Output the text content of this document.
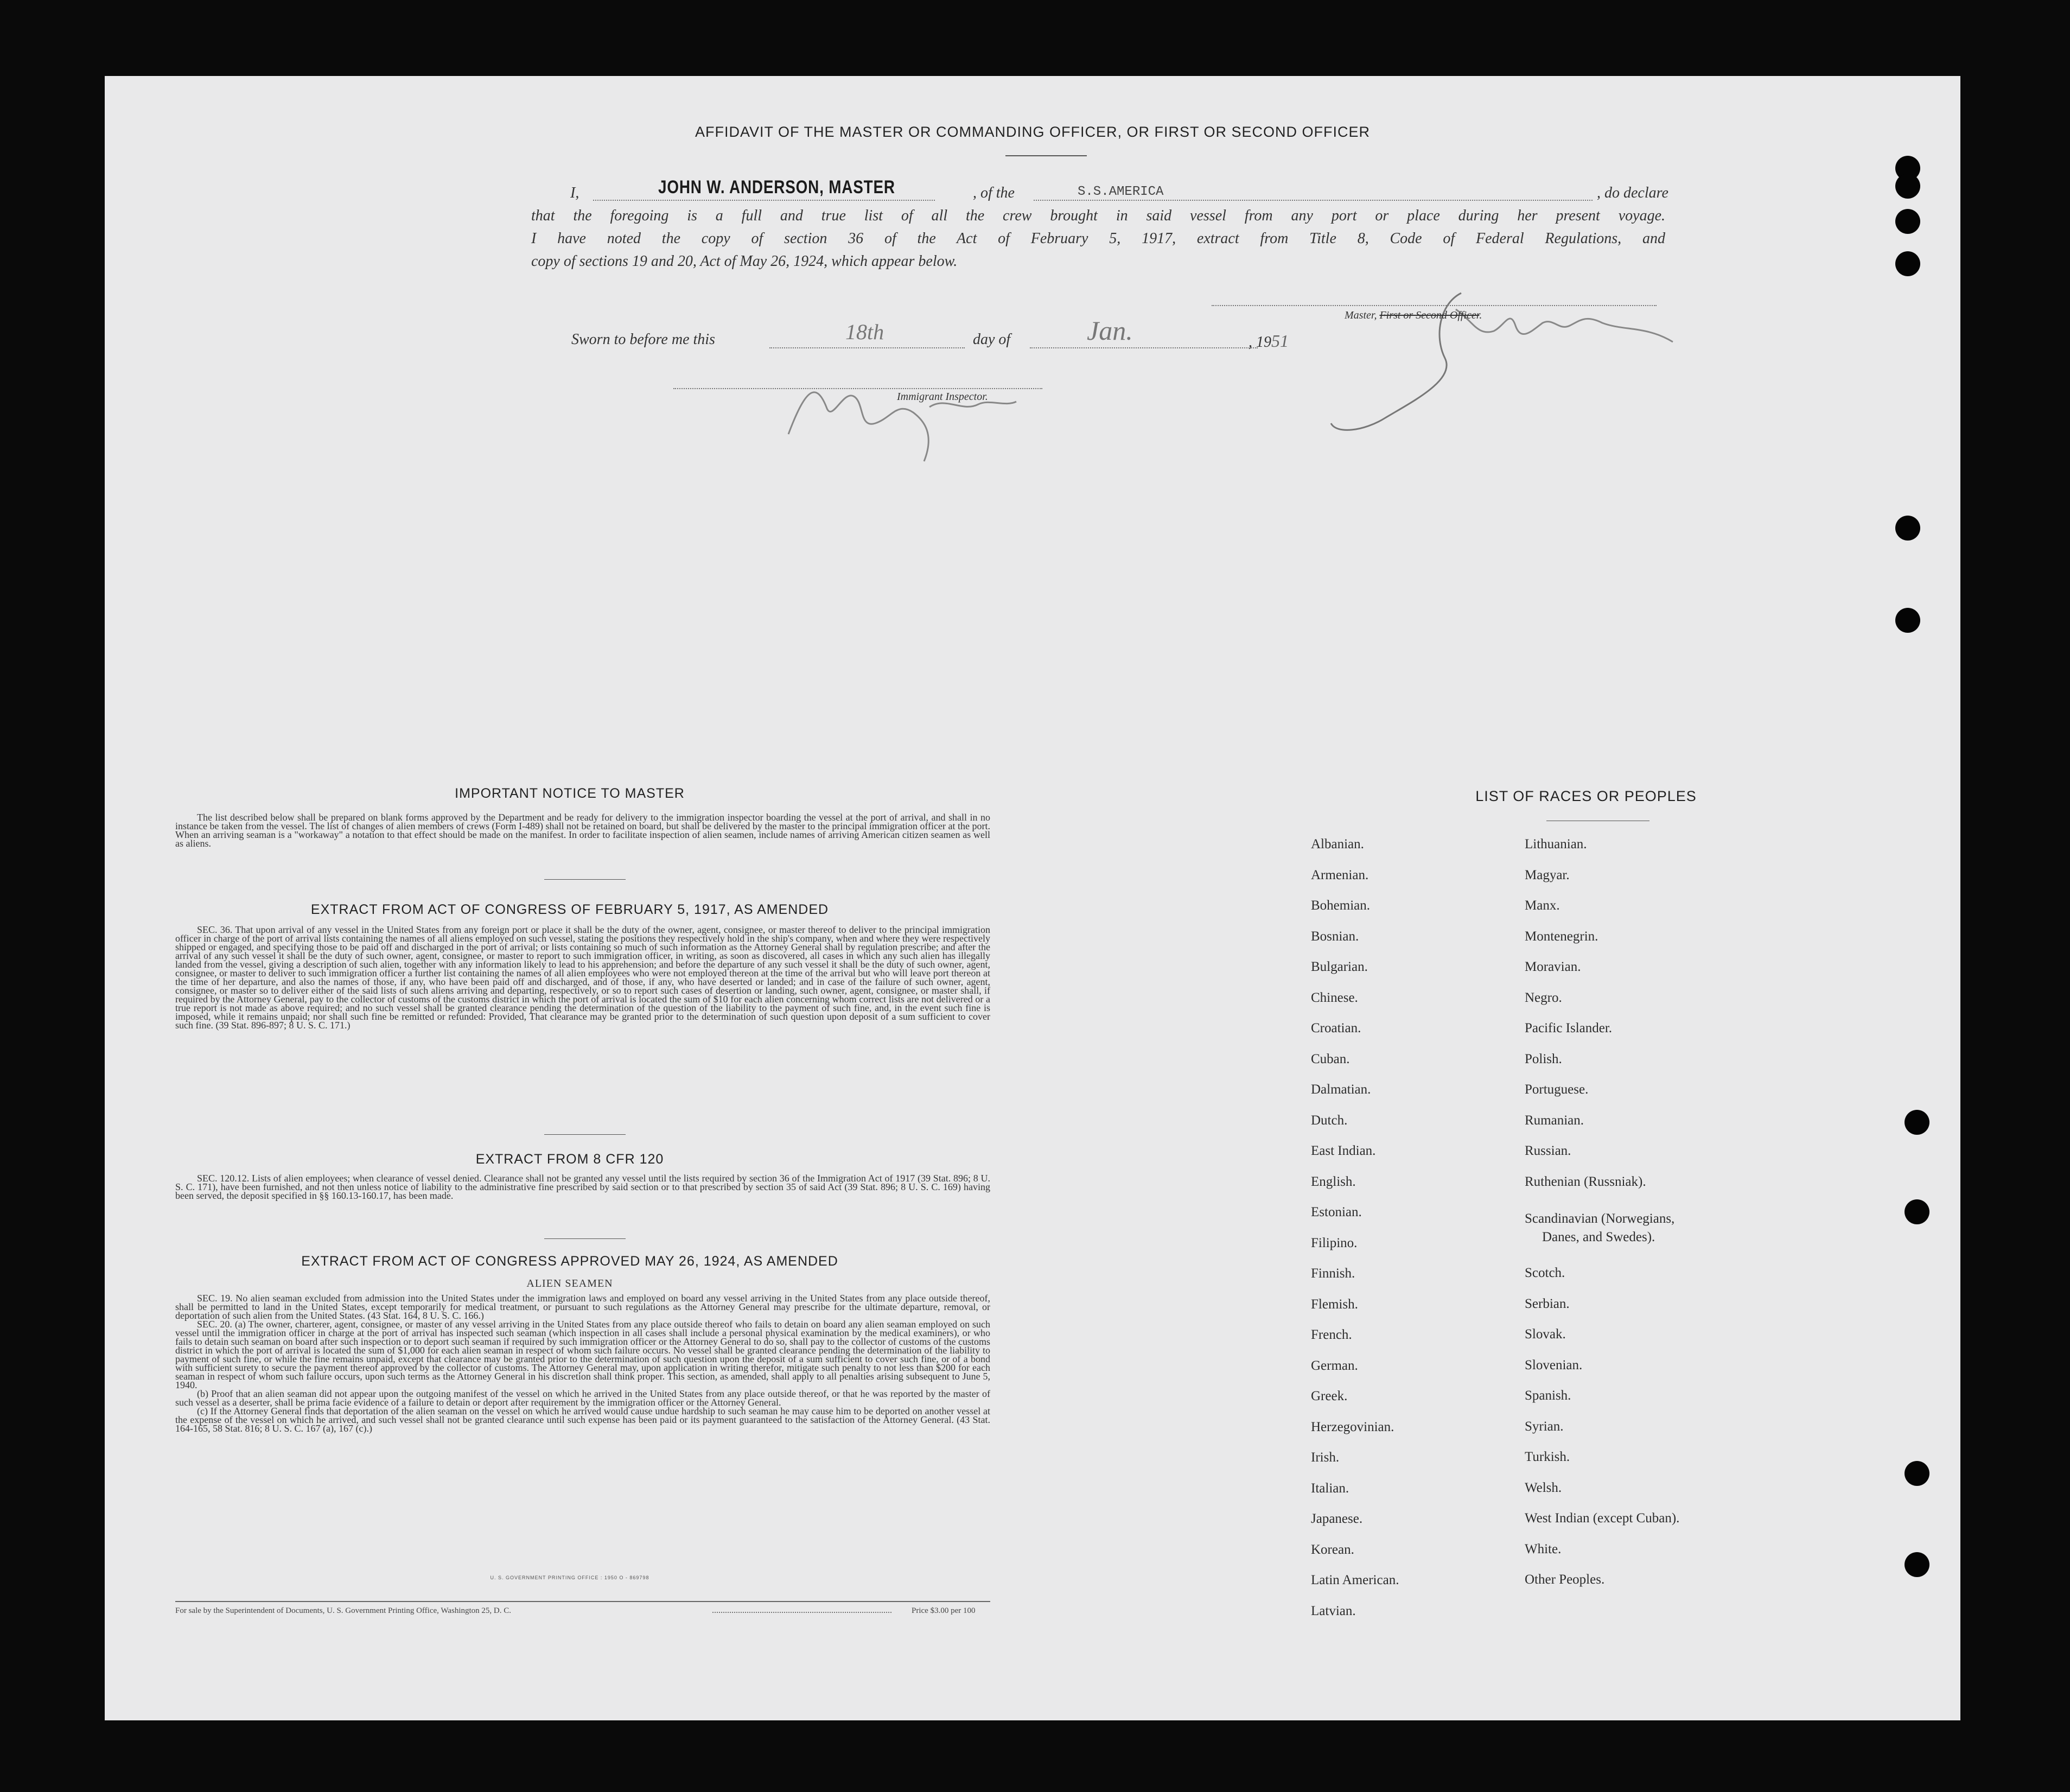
AFFIDAVIT OF THE MASTER OR COMMANDING OFFICER, OR FIRST OR SECOND OFFICER
I,	JOHN W. ANDERSON, MASTER	, of the	S.S.AMERICA	, do declare
that the foregoing is a full and true list of all the crew brought in said vessel from any port or place during her present voyage.
I have noted the copy of section 36 of the Act of February 5, 1917, extract from Title 8, Code of Federal Regulations, and
copy of sections 19 and 20, Act of May 26, 1924, which appear below.
Master, First or Second Officer.
Sworn to before me this	18th	day of	Jan.	, 1951
Immigrant Inspector.
IMPORTANT NOTICE TO MASTER
The list described below shall be prepared on blank forms approved by the Department and be ready for delivery to the immigration inspector boarding the vessel at the port of arrival, and shall in no instance be taken from the vessel. The list of changes of alien members of crews (Form I-489) shall not be retained on board, but shall be delivered by the master to the principal immigration officer at the port. When an arriving seaman is a "workaway" a notation to that effect should be made on the manifest. In order to facilitate inspection of alien seamen, include names of arriving American citizen seamen as well as aliens.
EXTRACT FROM ACT OF CONGRESS OF FEBRUARY 5, 1917, AS AMENDED
SEC. 36. That upon arrival of any vessel in the United States from any foreign port or place it shall be the duty of the owner, agent, consignee, or master thereof to deliver to the principal immigration officer in charge of the port of arrival lists containing the names of all aliens employed on such vessel, stating the positions they respectively hold in the ship's company, when and where they were respectively shipped or engaged, and specifying those to be paid off and discharged in the port of arrival; or lists containing so much of such information as the Attorney General shall by regulation prescribe; and after the arrival of any such vessel it shall be the duty of such owner, agent, consignee, or master to report to such immigration officer, in writing, as soon as discovered, all cases in which any such alien has illegally landed from the vessel, giving a description of such alien, together with any information likely to lead to his apprehension; and before the departure of any such vessel it shall be the duty of such owner, agent, consignee, or master to deliver to such immigration officer a further list containing the names of all alien employees who were not employed thereon at the time of the arrival but who will leave port thereon at the time of her departure, and also the names of those, if any, who have been paid off and discharged, and of those, if any, who have deserted or landed; and in case of the failure of such owner, agent, consignee, or master so to deliver either of the said lists of such aliens arriving and departing, respectively, or so to report such cases of desertion or landing, such owner, agent, consignee, or master shall, if required by the Attorney General, pay to the collector of customs of the customs district in which the port of arrival is located the sum of $10 for each alien concerning whom correct lists are not delivered or a true report is not made as above required; and no such vessel shall be granted clearance pending the determination of the question of the liability to the payment of such fine, and, in the event such fine is imposed, while it remains unpaid; nor shall such fine be remitted or refunded: Provided, That clearance may be granted prior to the determination of such question upon deposit of a sum sufficient to cover such fine. (39 Stat. 896-897; 8 U. S. C. 171.)
EXTRACT FROM 8 CFR 120
SEC. 120.12. Lists of alien employees; when clearance of vessel denied. Clearance shall not be granted any vessel until the lists required by section 36 of the Immigration Act of 1917 (39 Stat. 896; 8 U. S. C. 171), have been furnished, and not then unless notice of liability to the administrative fine prescribed by said section or to that prescribed by section 35 of said Act (39 Stat. 896; 8 U. S. C. 169) having been served, the deposit specified in §§ 160.13-160.17, has been made.
EXTRACT FROM ACT OF CONGRESS APPROVED MAY 26, 1924, AS AMENDED
ALIEN SEAMEN
SEC. 19. No alien seaman excluded from admission into the United States under the immigration laws and employed on board any vessel arriving in the United States from any place outside thereof, shall be permitted to land in the United States, except temporarily for medical treatment, or pursuant to such regulations as the Attorney General may prescribe for the ultimate departure, removal, or deportation of such alien from the United States. (43 Stat. 164, 8 U. S. C. 166.)
SEC. 20. (a) The owner, charterer, agent, consignee, or master of any vessel arriving in the United States from any place outside thereof who fails to detain on board any alien seaman employed on such vessel until the immigration officer in charge at the port of arrival has inspected such seaman (which inspection in all cases shall include a personal physical examination by the medical examiners), or who fails to detain such seaman on board after such inspection or to deport such seaman if required by such immigration officer or the Attorney General to do so, shall pay to the collector of customs of the customs district in which the port of arrival is located the sum of $1,000 for each alien seaman in respect of whom such failure occurs. No vessel shall be granted clearance pending the determination of the liability to payment of such fine, or while the fine remains unpaid, except that clearance may be granted prior to the determination of such question upon the deposit of a sum sufficient to cover such fine, or of a bond with sufficient surety to secure the payment thereof approved by the collector of customs. The Attorney General may, upon application in writing therefor, mitigate such penalty to not less than $200 for each seaman in respect of whom such failure occurs, upon such terms as the Attorney General in his discretion shall think proper. This section, as amended, shall apply to all penalties arising subsequent to June 5, 1940.
(b) Proof that an alien seaman did not appear upon the outgoing manifest of the vessel on which he arrived in the United States from any place outside thereof, or that he was reported by the master of such vessel as a deserter, shall be prima facie evidence of a failure to detain or deport after requirement by the immigration officer or the Attorney General.
(c) If the Attorney General finds that deportation of the alien seaman on the vessel on which he arrived would cause undue hardship to such seaman he may cause him to be deported on another vessel at the expense of the vessel on which he arrived, and such vessel shall not be granted clearance until such expense has been paid or its payment guaranteed to the satisfaction of the Attorney General. (43 Stat. 164-165, 58 Stat. 816; 8 U. S. C. 167 (a), 167 (c).)
U. S. GOVERNMENT PRINTING OFFICE : 1950 O - 869798
For sale by the Superintendent of Documents, U. S. Government Printing Office, Washington 25, D. C.	Price $3.00 per 100
LIST OF RACES OR PEOPLES
Albanian.
Armenian.
Bohemian.
Bosnian.
Bulgarian.
Chinese.
Croatian.
Cuban.
Dalmatian.
Dutch.
East Indian.
English.
Estonian.
Filipino.
Finnish.
Flemish.
French.
German.
Greek.
Herzegovinian.
Irish.
Italian.
Japanese.
Korean.
Latin American.
Latvian.
Lithuanian.
Magyar.
Manx.
Montenegrin.
Moravian.
Negro.
Pacific Islander.
Polish.
Portuguese.
Rumanian.
Russian.
Ruthenian (Russniak).
Scandinavian (Norwegians,
Danes, and Swedes).
Scotch.
Serbian.
Slovak.
Slovenian.
Spanish.
Syrian.
Turkish.
Welsh.
West Indian (except Cuban).
White.
Other Peoples.
